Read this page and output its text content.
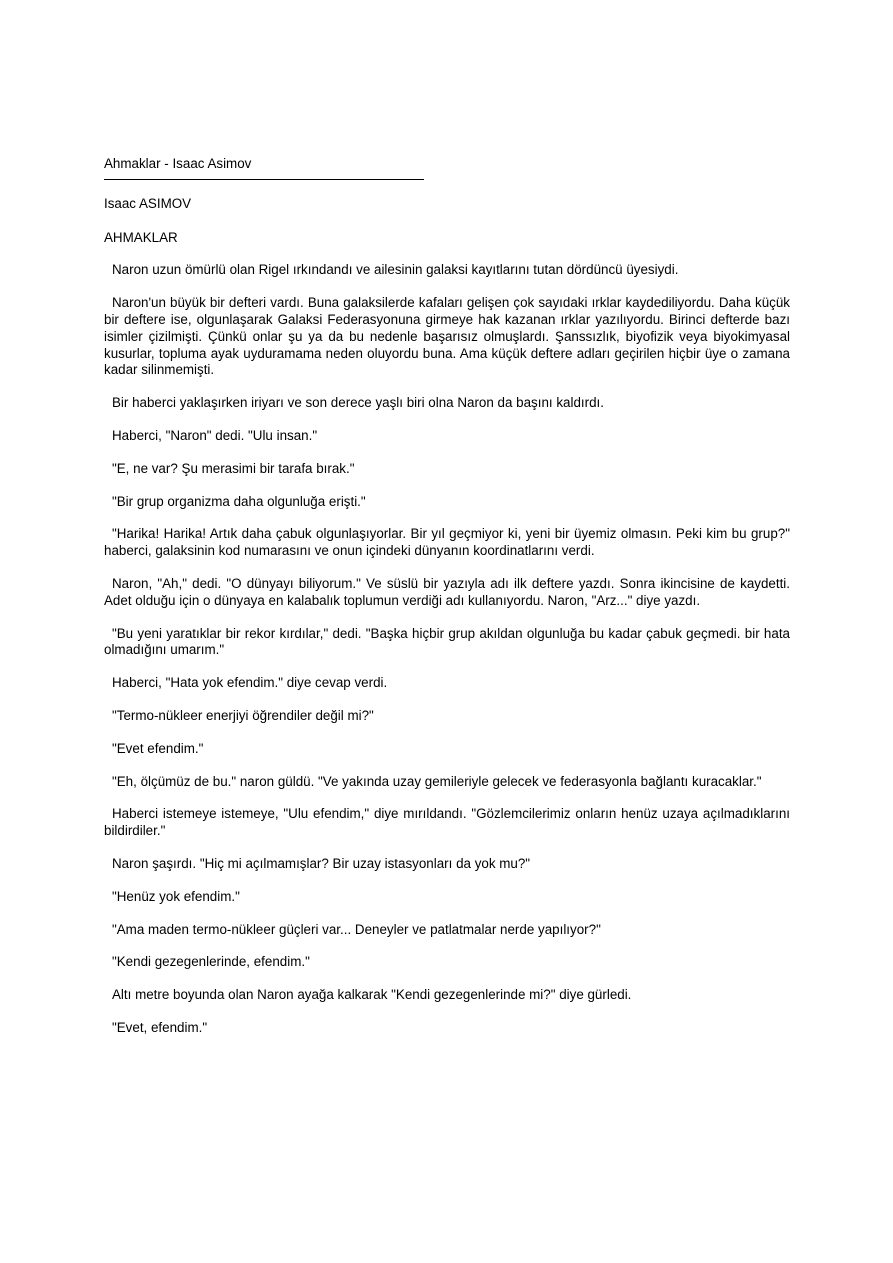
Ahmaklar - Isaac Asimov

Isaac ASIMOV

AHMAKLAR

Naron uzun ömürlü olan Rigel ırkındandı ve ailesinin galaksi kayıtlarını tutan dördüncü üyesiydi.

Naron'un büyük bir defteri vardı. Buna galaksilerde kafaları gelişen çok sayıdaki ırklar kaydediliyordu. Daha küçük bir deftere ise, olgunlaşarak Galaksi Federasyonuna girmeye hak kazanan ırklar yazılıyordu. Birinci defterde bazı isimler çizilmişti. Çünkü onlar şu ya da bu nedenle başarısız olmuşlardı. Şanssızlık, biyofizik veya biyokimyasal kusurlar, topluma ayak uyduramama neden oluyordu buna. Ama küçük deftere adları geçirilen hiçbir üye o zamana kadar silinmemişti.

Bir haberci yaklaşırken iriyarı ve son derece yaşlı biri olna Naron da başını kaldırdı.

Haberci, "Naron" dedi. "Ulu insan."

"E, ne var? Şu merasimi bir tarafa bırak."

"Bir grup organizma daha olgunluğa erişti."

"Harika! Harika! Artık daha çabuk olgunlaşıyorlar. Bir yıl geçmiyor ki, yeni bir üyemiz olmasın. Peki kim bu grup?" haberci, galaksinin kod numarasını ve onun içindeki dünyanın koordinatlarını verdi.

Naron, "Ah," dedi. "O dünyayı biliyorum." Ve süslü bir yazıyla adı ilk deftere yazdı. Sonra ikincisine de kaydetti. Adet olduğu için o dünyaya en kalabalık toplumun verdiği adı kullanıyordu. Naron, "Arz..." diye yazdı.

"Bu yeni yaratıklar bir rekor kırdılar," dedi. "Başka hiçbir grup akıldan olgunluğa bu kadar çabuk geçmedi. bir hata olmadığını umarım."

Haberci, "Hata yok efendim." diye cevap verdi.

"Termo-nükleer enerjiyi öğrendiler değil mi?"

"Evet efendim."

"Eh, ölçümüz de bu." naron güldü. "Ve yakında uzay gemileriyle gelecek ve federasyonla bağlantı kuracaklar."

Haberci istemeye istemeye, "Ulu efendim," diye mırıldandı. "Gözlemcilerimiz onların henüz uzaya açılmadıklarını bildirdiler."

Naron şaşırdı. "Hiç mi açılmamışlar? Bir uzay istasyonları da yok mu?"

"Henüz yok efendim."

"Ama maden termo-nükleer güçleri var... Deneyler ve patlatmalar nerde yapılıyor?"

"Kendi gezegenlerinde, efendim."

Altı metre boyunda olan Naron ayağa kalkarak "Kendi gezegenlerinde mi?" diye gürledi.

"Evet, efendim."
